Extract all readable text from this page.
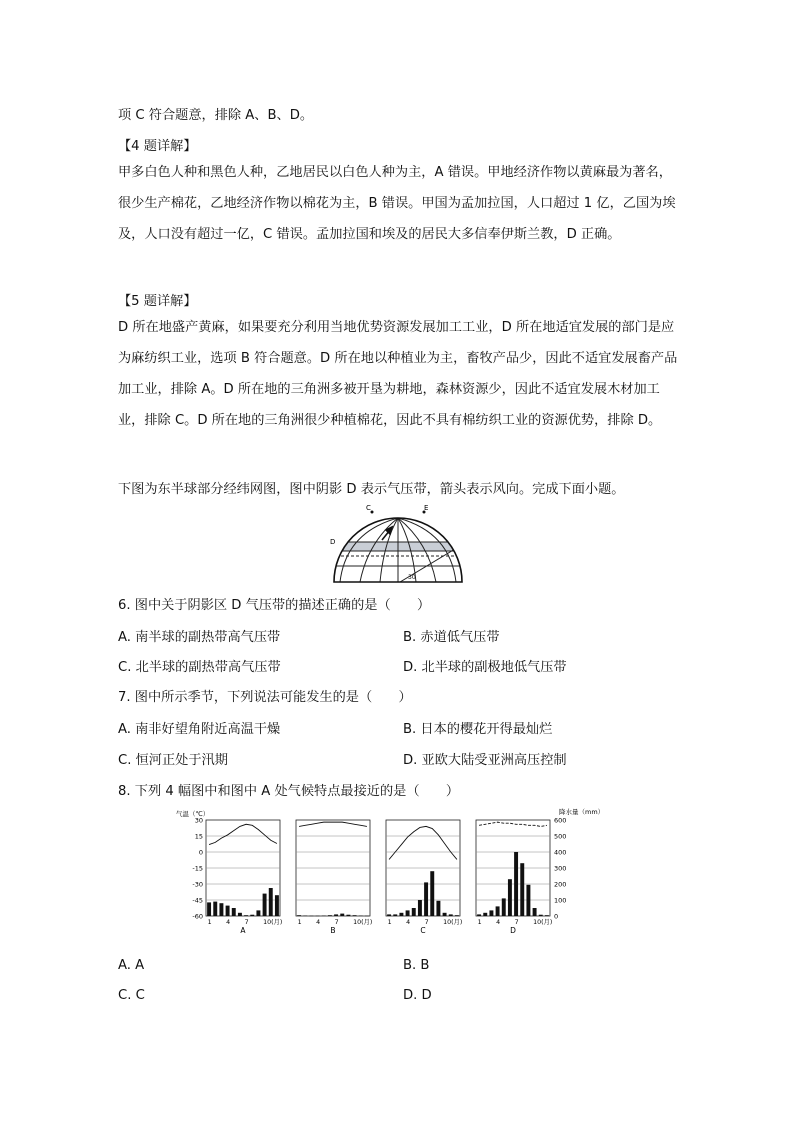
项 C 符合题意，排除 A、B、D。
【4 题详解】

甲多白色人种和黑色人种，乙地居民以白色人种为主，A 错误。甲地经济作物以黄麻最为著名，很少生产棉花，乙地经济作物以棉花为主，B 错误。甲国为孟加拉国，人口超过 1 亿，乙国为埃及，人口没有超过一亿，C 错误。孟加拉国和埃及的居民大多信奉伊斯兰教，D 正确。

【5 题详解】

D 所在地盛产黄麻，如果要充分利用当地优势资源发展加工工业，D 所在地适宜发展的部门是应为麻纺织工业，选项 B 符合题意。D 所在地以种植业为主，畜牧产品少，因此不适宜发展畜产品加工业，排除 A。D 所在地的三角洲多被开垦为耕地，森林资源少，因此不适宜发展木材加工业，排除 C。D 所在地的三角洲很少种植棉花，因此不具有棉纺织工业的资源优势，排除 D。

下图为东半球部分经纬网图，图中阴影 D 表示气压带，箭头表示风向。完成下面小题。
C	E
D
30
6. 图中关于阴影区 D 气压带的描述正确的是（　　）
A. 南半球的副热带高气压带	B. 赤道低气压带
C. 北半球的副热带高气压带	D. 北半球的副极地低气压带
7. 图中所示季节，下列说法可能发生的是（　　）
A. 南非好望角附近高温干燥	B. 日本的樱花开得最灿烂
C. 恒河正处于汛期	D. 亚欧大陆受亚洲高压控制
8. 下列 4 幅图中和图中 A 处气候特点最接近的是（　　）
气温（℃）	降水量（mm）
30
15
0
-15
-30
-45
-60
600
500
400
300
200
100
0
1 4 7 10(月)
A
1 4 7 10(月)
B
1 4 7 10(月)
C
1 4 7 10(月)
D
A. A	B. B
C. C	D. D
